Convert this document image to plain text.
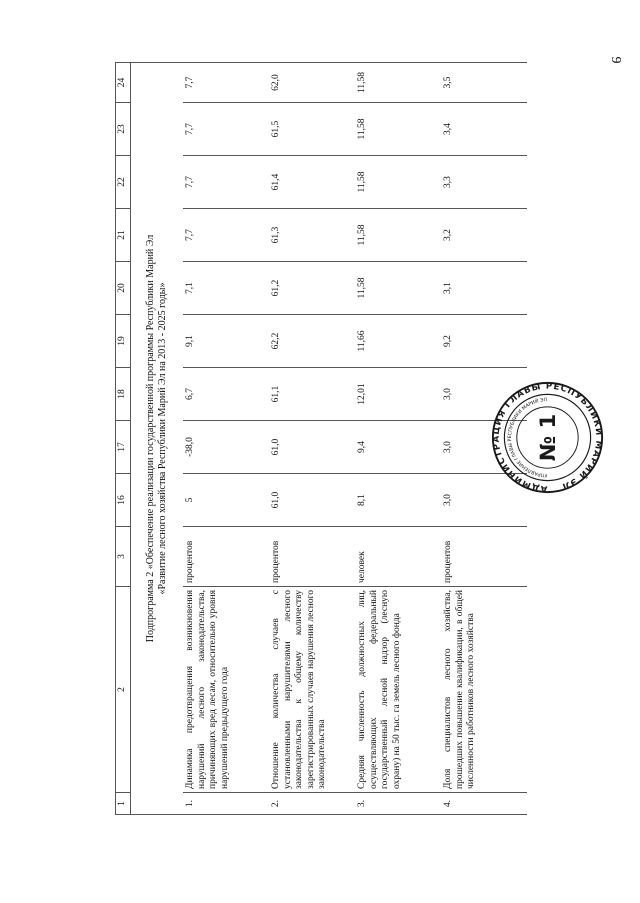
9
1	2	3	16	17	18	19	20	21	22	23	24

Подпрограмма 2 «Обеспечение реализации государственной программы Республики Марий Эл «Развитие лесного хозяйства Республики Марий Эл на 2013 - 2025 годы»											

1.	Динамика предотвращения возникновения нарушений лесного законодательства, причиняющих вред лесам, относительно уровня нарушений предыдущего года	процентов	5	-38,0	6,7	9,1	7,1	7,7	7,7	7,7	7,7
2.	Отношение количества случаев с установленными нарушителями лесного законодательства к общему количеству зарегистрированных случаев нарушения лесного законодательства	процентов	61,0	61,0	61,1	62,2	61,2	61,3	61,4	61,5	62,0
3.	Средняя численность должностных лиц, осуществляющих федеральный государственный лесной надзор (лесную охрану) на 50 тыс. га земель лесного фонда	человек	8,1	9,4	12,01	11,66	11,58	11,58	11,58	11,58	11,58
4.	Доля специалистов лесного хозяйства, прошедших повышение квалификации, в общей численности работников лесного хозяйства	процентов	3,0	3,0	3,0	9,2	3,1	3,2	3,3	3,4	3,5
АДМИНИСТРАЦИЯ ГЛАВЫ РЕСПУБЛИКИ МАРИЙ ЭЛ
УПРАВЛЕНИЕ ГЛАВЫ РЕСПУБЛИКИ МАРИЙ ЭЛ
№ 1
